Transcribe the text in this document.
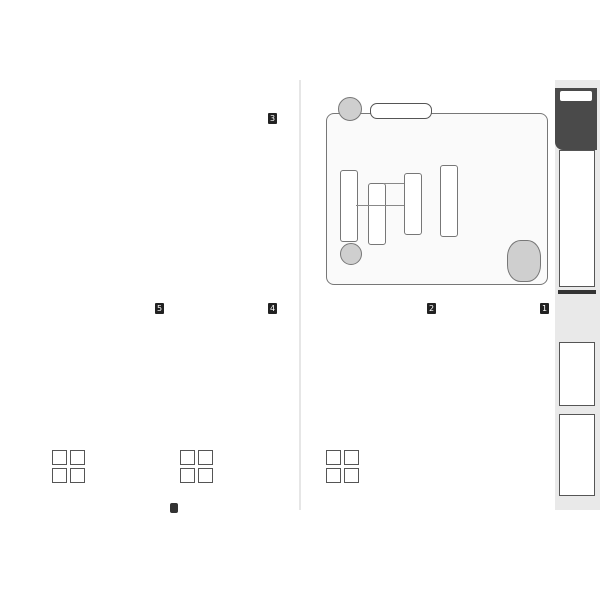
3
4
5	2	1
